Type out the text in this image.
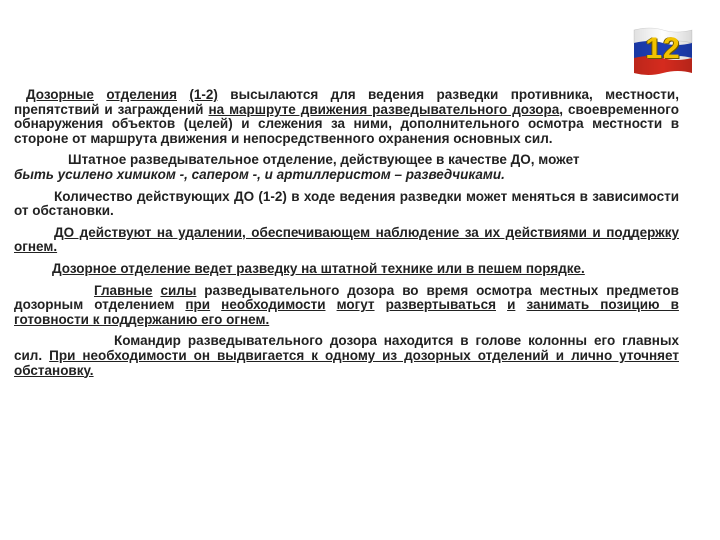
12

Дозорные отделения (1-2) высылаются для ведения разведки противника, местности, препятствий и заграждений на маршруте движения разведывательного дозора, своевременного обнаружения объектов (целей) и слежения за ними, дополнительного осмотра местности в стороне от маршрута движения и непосредственного охранения основных сил.

Штатное разведывательное отделение, действующее в качестве ДО, может
быть усилено химиком -, сапером -, и артиллеристом – разведчиками.

Количество действующих ДО (1-2) в ходе ведения разведки может меняться в зависимости от обстановки.

ДО действуют на удалении, обеспечивающем наблюдение за их действиями и поддержку огнем.

Дозорное отделение ведет разведку на штатной технике или в пешем порядке.

Главные силы разведывательного дозора во время осмотра местных предметов дозорным отделением при необходимости могут развертываться и занимать позицию в готовности к поддержанию его огнем.

Командир разведывательного дозора находится в голове колонны его главных сил. При необходимости он выдвигается к одному из дозорных отделений и лично уточняет обстановку.
